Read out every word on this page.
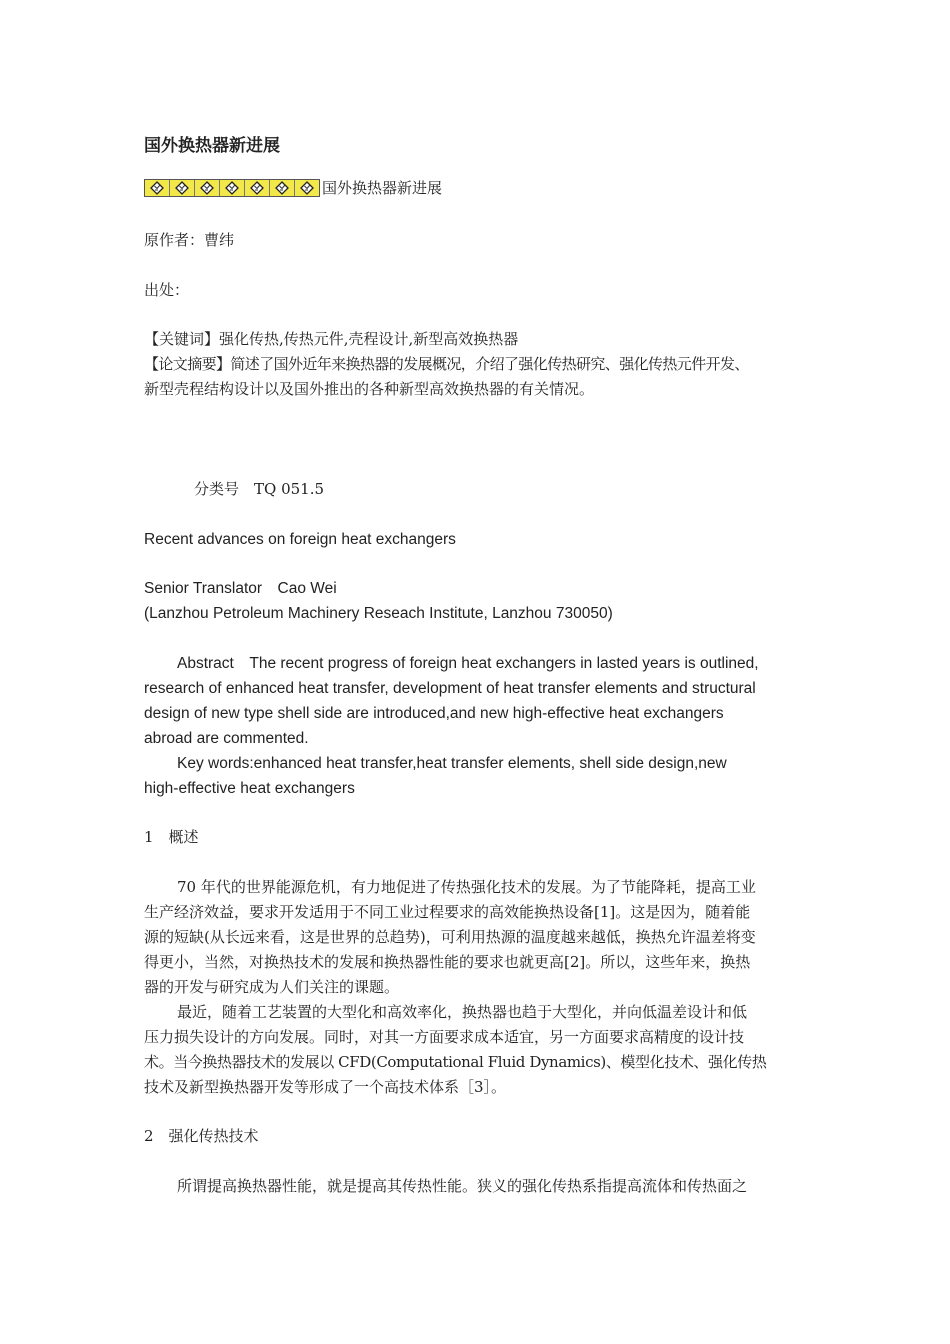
国外换热器新进展
国外换热器新进展
原作者：曹纬
出处：
【关键词】强化传热,传热元件,壳程设计,新型高效换热器
【论文摘要】简述了国外近年来换热器的发展概况，介绍了强化传热研究、强化传热元件开发、
新型壳程结构设计以及国外推出的各种新型高效换热器的有关情况。
分类号　TQ 051.5
Recent advances on foreign heat exchangers
Senior Translator　Cao Wei
(Lanzhou Petroleum Machinery Reseach Institute, Lanzhou 730050)
Abstract　The recent progress of foreign heat exchangers in lasted years is outlined,
research of enhanced heat transfer, development of heat transfer elements and structural
design of new type shell side are introduced,and new high-effective heat exchangers
abroad are commented.
Key words:enhanced heat transfer,heat transfer elements, shell side design,new
high-effective heat exchangers
1　概述
70 年代的世界能源危机，有力地促进了传热强化技术的发展。为了节能降耗，提高工业
生产经济效益，要求开发适用于不同工业过程要求的高效能换热设备[1]。这是因为，随着能
源的短缺(从长远来看，这是世界的总趋势)，可利用热源的温度越来越低，换热允许温差将变
得更小，当然，对换热技术的发展和换热器性能的要求也就更高[2]。所以，这些年来，换热
器的开发与研究成为人们关注的课题。
最近，随着工艺装置的大型化和高效率化，换热器也趋于大型化，并向低温差设计和低
压力损失设计的方向发展。同时，对其一方面要求成本适宜，另一方面要求高精度的设计技
术。当今换热器技术的发展以 CFD(Computational Fluid Dynamics)、模型化技术、强化传热
技术及新型换热器开发等形成了一个高技术体系［3］。
2　强化传热技术
所谓提高换热器性能，就是提高其传热性能。狭义的强化传热系指提高流体和传热面之
